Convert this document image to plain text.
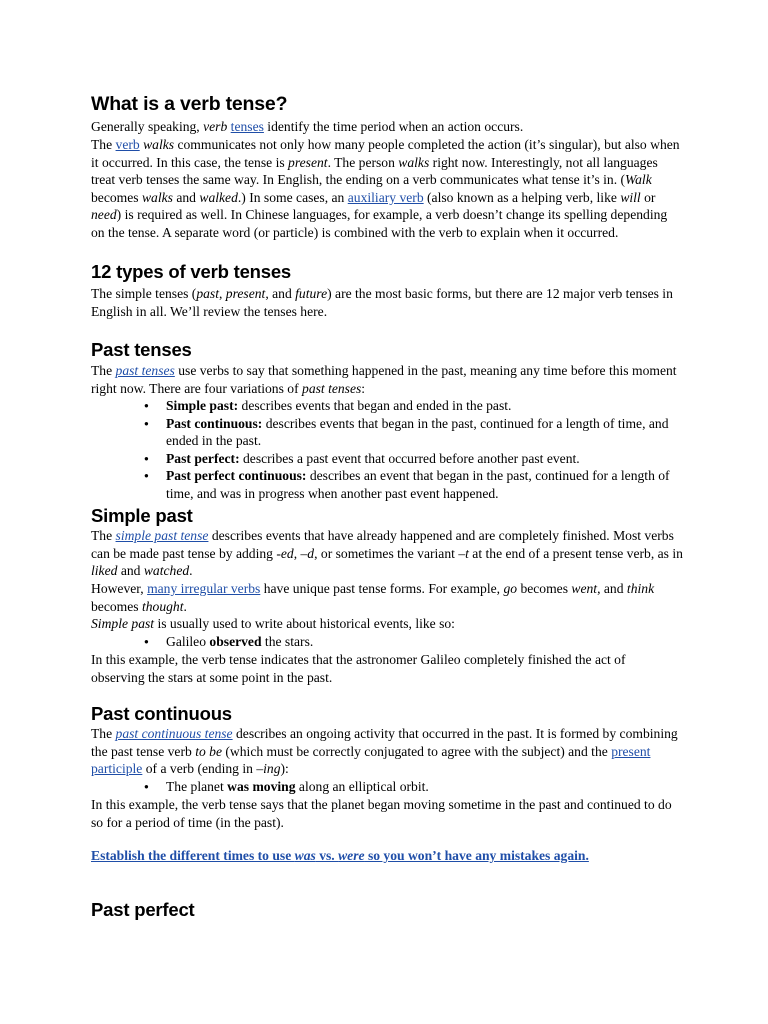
What is a verb tense?

Generally speaking, verb tenses identify the time period when an action occurs.

The verb walks communicates not only how many people completed the action (it’s singular), but also when it occurred. In this case, the tense is present. The person walks right now. Interestingly, not all languages treat verb tenses the same way. In English, the ending on a verb communicates what tense it’s in. (Walk becomes walks and walked.) In some cases, an auxiliary verb (also known as a helping verb, like will or need) is required as well. In Chinese languages, for example, a verb doesn’t change its spelling depending on the tense. A separate word (or particle) is combined with the verb to explain when it occurred.

12 types of verb tenses

The simple tenses (past, present, and future) are the most basic forms, but there are 12 major verb tenses in English in all. We’ll review the tenses here.

Past tenses

The past tenses use verbs to say that something happened in the past, meaning any time before this moment right now. There are four variations of past tenses:

● Simple past: describes events that began and ended in the past.
● Past continuous: describes events that began in the past, continued for a length of time, and ended in the past.
● Past perfect: describes a past event that occurred before another past event.
● Past perfect continuous: describes an event that began in the past, continued for a length of time, and was in progress when another past event happened.
Simple past

The simple past tense describes events that have already happened and are completely finished. Most verbs can be made past tense by adding -ed, –d, or sometimes the variant –t at the end of a present tense verb, as in liked and watched.

However, many irregular verbs have unique past tense forms. For example, go becomes went, and think becomes thought.

Simple past is usually used to write about historical events, like so:

● Galileo observed the stars.

In this example, the verb tense indicates that the astronomer Galileo completely finished the act of observing the stars at some point in the past.

Past continuous

The past continuous tense describes an ongoing activity that occurred in the past. It is formed by combining the past tense verb to be (which must be correctly conjugated to agree with the subject) and the present participle of a verb (ending in –ing):

● The planet was moving along an elliptical orbit.

In this example, the verb tense says that the planet began moving sometime in the past and continued to do so for a period of time (in the past).

Establish the different times to use was vs. were so you won’t have any mistakes again.

Past perfect
